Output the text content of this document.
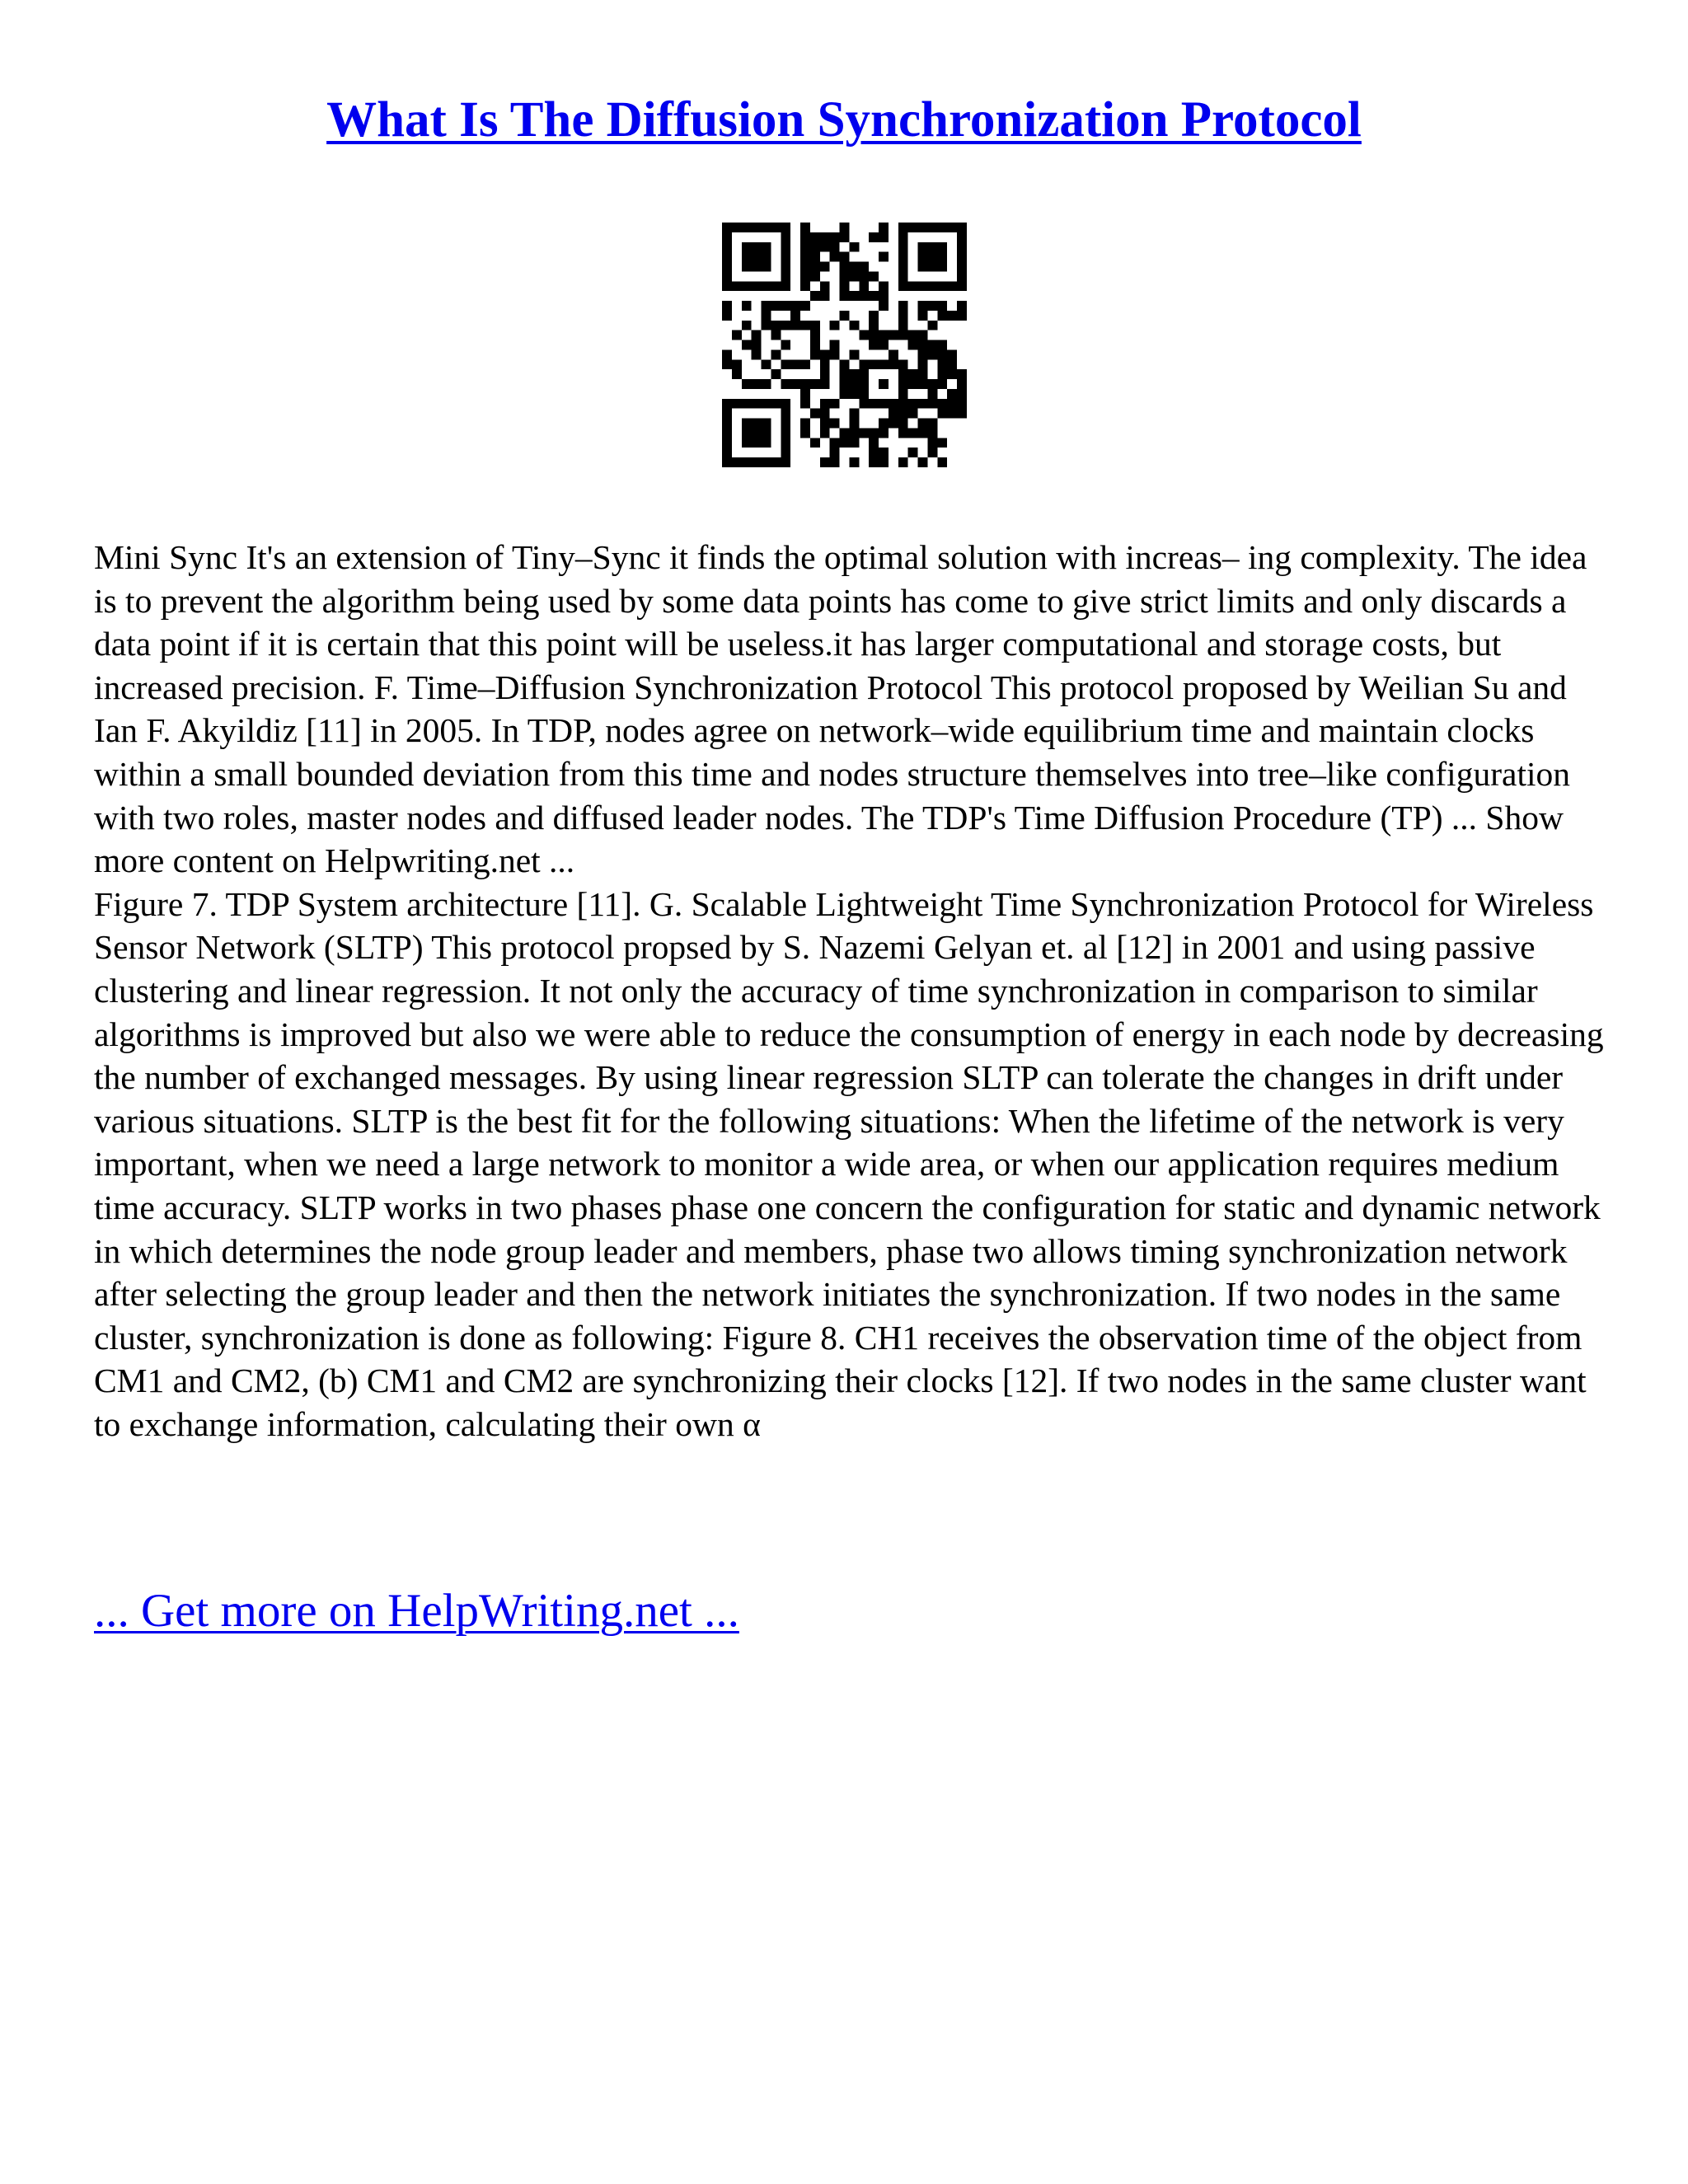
What Is The Diffusion Synchronization Protocol

Mini Sync It's an extension of Tiny–Sync it finds the optimal solution with increas– ing complexity. The idea is to prevent the algorithm being used by some data points has come to give strict limits and only discards a data point if it is certain that this point will be useless.it has larger computational and storage costs, but increased precision. F. Time–Diffusion Synchronization Protocol This protocol proposed by Weilian Su and Ian F. Akyildiz [11] in 2005. In TDP, nodes agree on network–wide equilibrium time and maintain clocks within a small bounded deviation from this time and nodes structure themselves into tree–like configuration with two roles, master nodes and diffused leader nodes. The TDP's Time Diffusion Procedure (TP) ... Show more content on Helpwriting.net ...

Figure 7. TDP System architecture [11]. G. Scalable Lightweight Time Synchronization Protocol for Wireless Sensor Network (SLTP) This protocol propsed by S. Nazemi Gelyan et. al [12] in 2001 and using passive clustering and linear regression. It not only the accuracy of time synchronization in comparison to similar algorithms is improved but also we were able to reduce the consumption of energy in each node by decreasing the number of exchanged messages. By using linear regression SLTP can tolerate the changes in drift under various situations. SLTP is the best fit for the following situations: When the lifetime of the network is very important, when we need a large network to monitor a wide area, or when our application requires medium time accuracy. SLTP works in two phases phase one concern the configuration for static and dynamic network in which determines the node group leader and members, phase two allows timing synchronization network after selecting the group leader and then the network initiates the synchronization. If two nodes in the same cluster, synchronization is done as following: Figure 8. CH1 receives the observation time of the object from CM1 and CM2, (b) CM1 and CM2 are synchronizing their clocks [12]. If two nodes in the same cluster want to exchange information, calculating their own α

... Get more on HelpWriting.net ...
